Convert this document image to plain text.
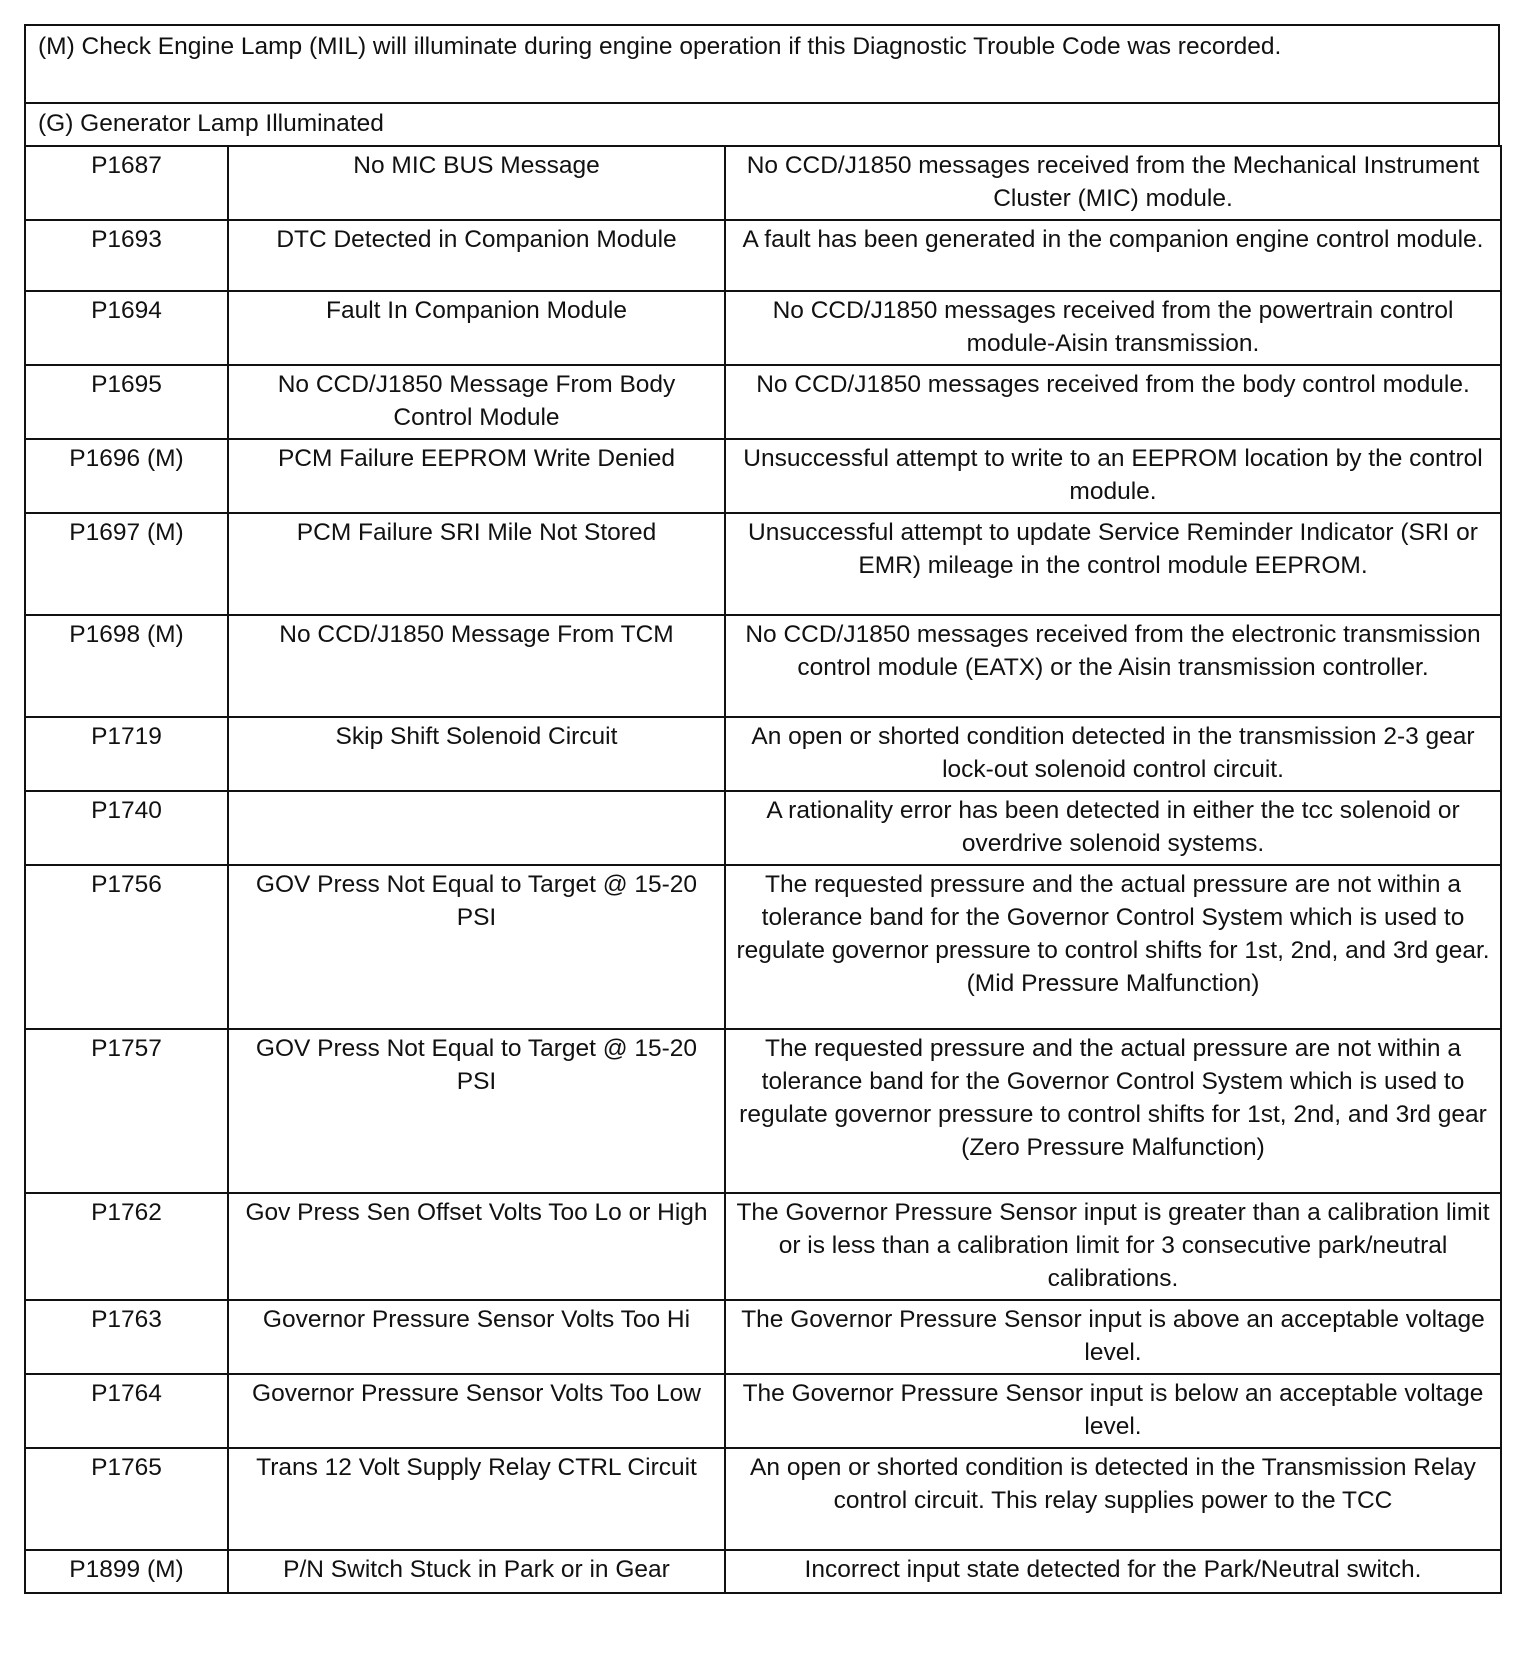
(M) Check Engine Lamp (MIL) will illuminate during engine operation if this Diagnostic Trouble Code was recorded.
(G) Generator Lamp Illuminated
P1687	No MIC BUS Message	No CCD/J1850 messages received from the Mechanical Instrument Cluster (MIC) module.
P1693	DTC Detected in Companion Module	A fault has been generated in the companion engine control module.
P1694	Fault In Companion Module	No CCD/J1850 messages received from the powertrain control module-Aisin transmission.
P1695	No CCD/J1850 Message From Body Control Module	No CCD/J1850 messages received from the body control module.
P1696 (M)	PCM Failure EEPROM Write Denied	Unsuccessful attempt to write to an EEPROM location by the control module.
P1697 (M)	PCM Failure SRI Mile Not Stored	Unsuccessful attempt to update Service Reminder Indicator (SRI or EMR) mileage in the control module EEPROM.
P1698 (M)	No CCD/J1850 Message From TCM	No CCD/J1850 messages received from the electronic transmission control module (EATX) or the Aisin transmission controller.
P1719	Skip Shift Solenoid Circuit	An open or shorted condition detected in the transmission 2-3 gear lock-out solenoid control circuit.
P1740		A rationality error has been detected in either the tcc solenoid or overdrive solenoid systems.
P1756	GOV Press Not Equal to Target @ 15-20 PSI	The requested pressure and the actual pressure are not within a tolerance band for the Governor Control System which is used to regulate governor pressure to control shifts for 1st, 2nd, and 3rd gear. (Mid Pressure Malfunction)
P1757	GOV Press Not Equal to Target @ 15-20 PSI	The requested pressure and the actual pressure are not within a tolerance band for the Governor Control System which is used to regulate governor pressure to control shifts for 1st, 2nd, and 3rd gear (Zero Pressure Malfunction)
P1762	Gov Press Sen Offset Volts Too Lo or High	The Governor Pressure Sensor input is greater than a calibration limit or is less than a calibration limit for 3 consecutive park/neutral calibrations.
P1763	Governor Pressure Sensor Volts Too Hi	The Governor Pressure Sensor input is above an acceptable voltage level.
P1764	Governor Pressure Sensor Volts Too Low	The Governor Pressure Sensor input is below an acceptable voltage level.
P1765	Trans 12 Volt Supply Relay CTRL Circuit	An open or shorted condition is detected in the Transmission Relay control circuit. This relay supplies power to the TCC
P1899 (M)	P/N Switch Stuck in Park or in Gear	Incorrect input state detected for the Park/Neutral switch.
